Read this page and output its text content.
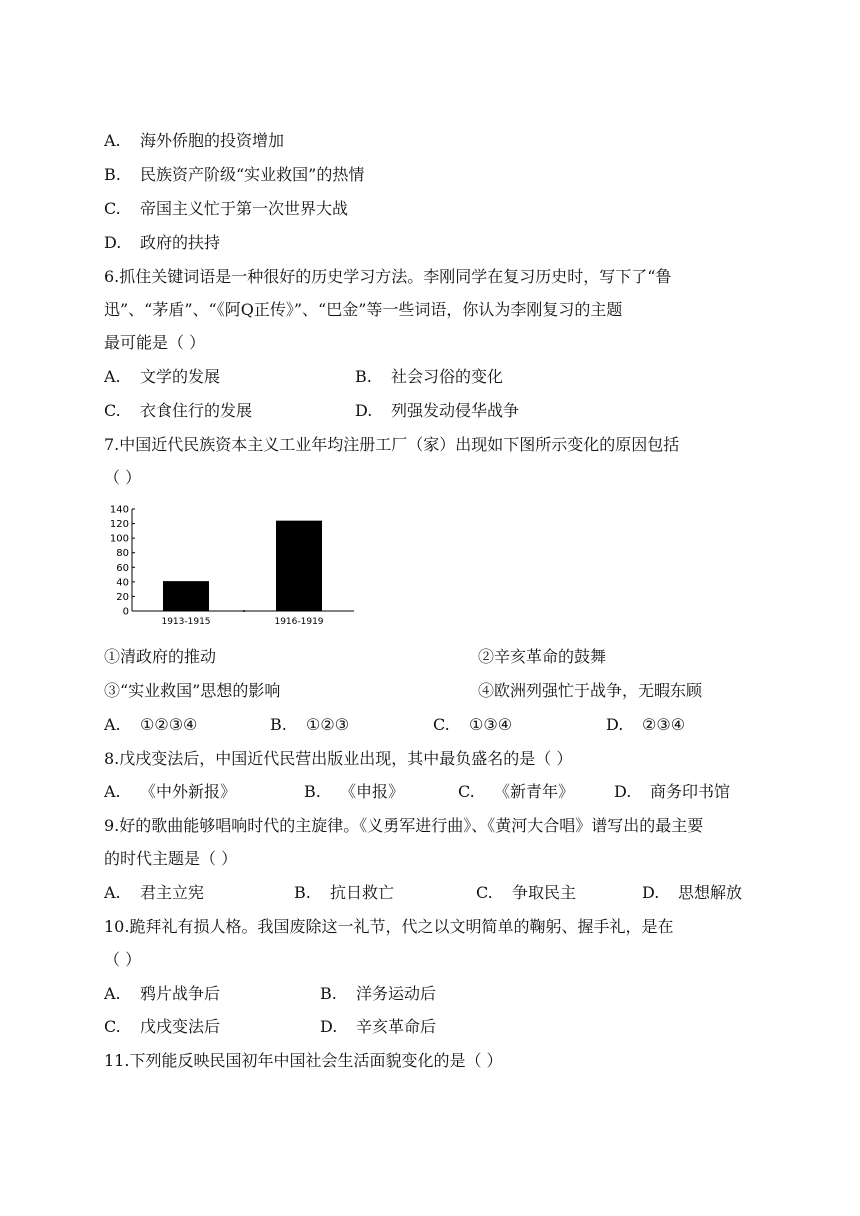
A. 海外侨胞的投资增加
B. 民族资产阶级“实业救国”的热情
C. 帝国主义忙于第一次世界大战
D. 政府的扶持
6.抓住关键词语是一种很好的历史学习方法。李刚同学在复习历史时，写下了“鲁
迅”、“茅盾”、“《阿Q正传》”、“巴金”等一些词语，你认为李刚复习的主题
最可能是（ ）
A. 文学的发展	B. 社会习俗的变化
C. 衣食住行的发展	D. 列强发动侵华战争
7.中国近代民族资本主义工业年均注册工厂（家）出现如下图所示变化的原因包括
（ ）
140
120
100
80
60
40
20
0
1913-1915	1916-1919
①清政府的推动	②辛亥革命的鼓舞
③“实业救国”思想的影响	④欧洲列强忙于战争，无暇东顾
A. ①②③④	B. ①②③	C. ①③④	D. ②③④
8.戊戌变法后，中国近代民营出版业出现，其中最负盛名的是（ ）
A. 《中外新报》	B. 《申报》	C. 《新青年》 D. 商务印书馆
9.好的歌曲能够唱响时代的主旋律。《义勇军进行曲》、《黄河大合唱》谱写出的最主要
的时代主题是（ ）
A. 君主立宪	B. 抗日救亡	C. 争取民主	D. 思想解放
10.跪拜礼有损人格。我国废除这一礼节，代之以文明简单的鞠躬、握手礼，是在
（ ）
A. 鸦片战争后	B. 洋务运动后
C. 戊戌变法后	D. 辛亥革命后
11.下列能反映民国初年中国社会生活面貌变化的是（ ）
